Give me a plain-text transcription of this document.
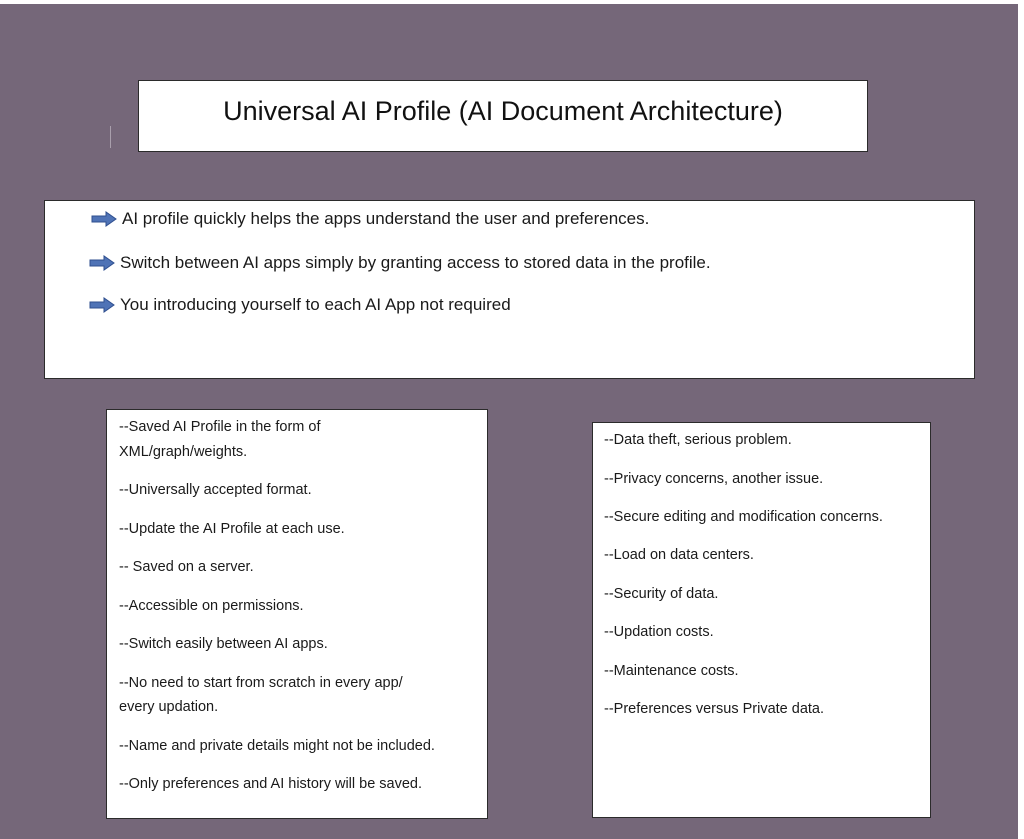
Universal AI Profile (AI Document Architecture)
AI profile quickly helps the apps understand the user and preferences.
Switch between AI apps simply by granting access to stored data in the profile.
You introducing yourself to each AI App not required
--Saved AI Profile in the form of
XML/graph/weights.
--Universally accepted format.
--Update the AI Profile at each use.
-- Saved on a server.
--Accessible on permissions.
--Switch easily between AI apps.
--No need to start from scratch in every app/
every updation.
--Name and private details might not be included.
--Only preferences and AI history will be saved.
--Data theft, serious problem.
--Privacy concerns, another issue.
--Secure editing and modification concerns.
--Load on data centers.
--Security of data.
--Updation costs.
--Maintenance costs.
--Preferences versus Private data.
